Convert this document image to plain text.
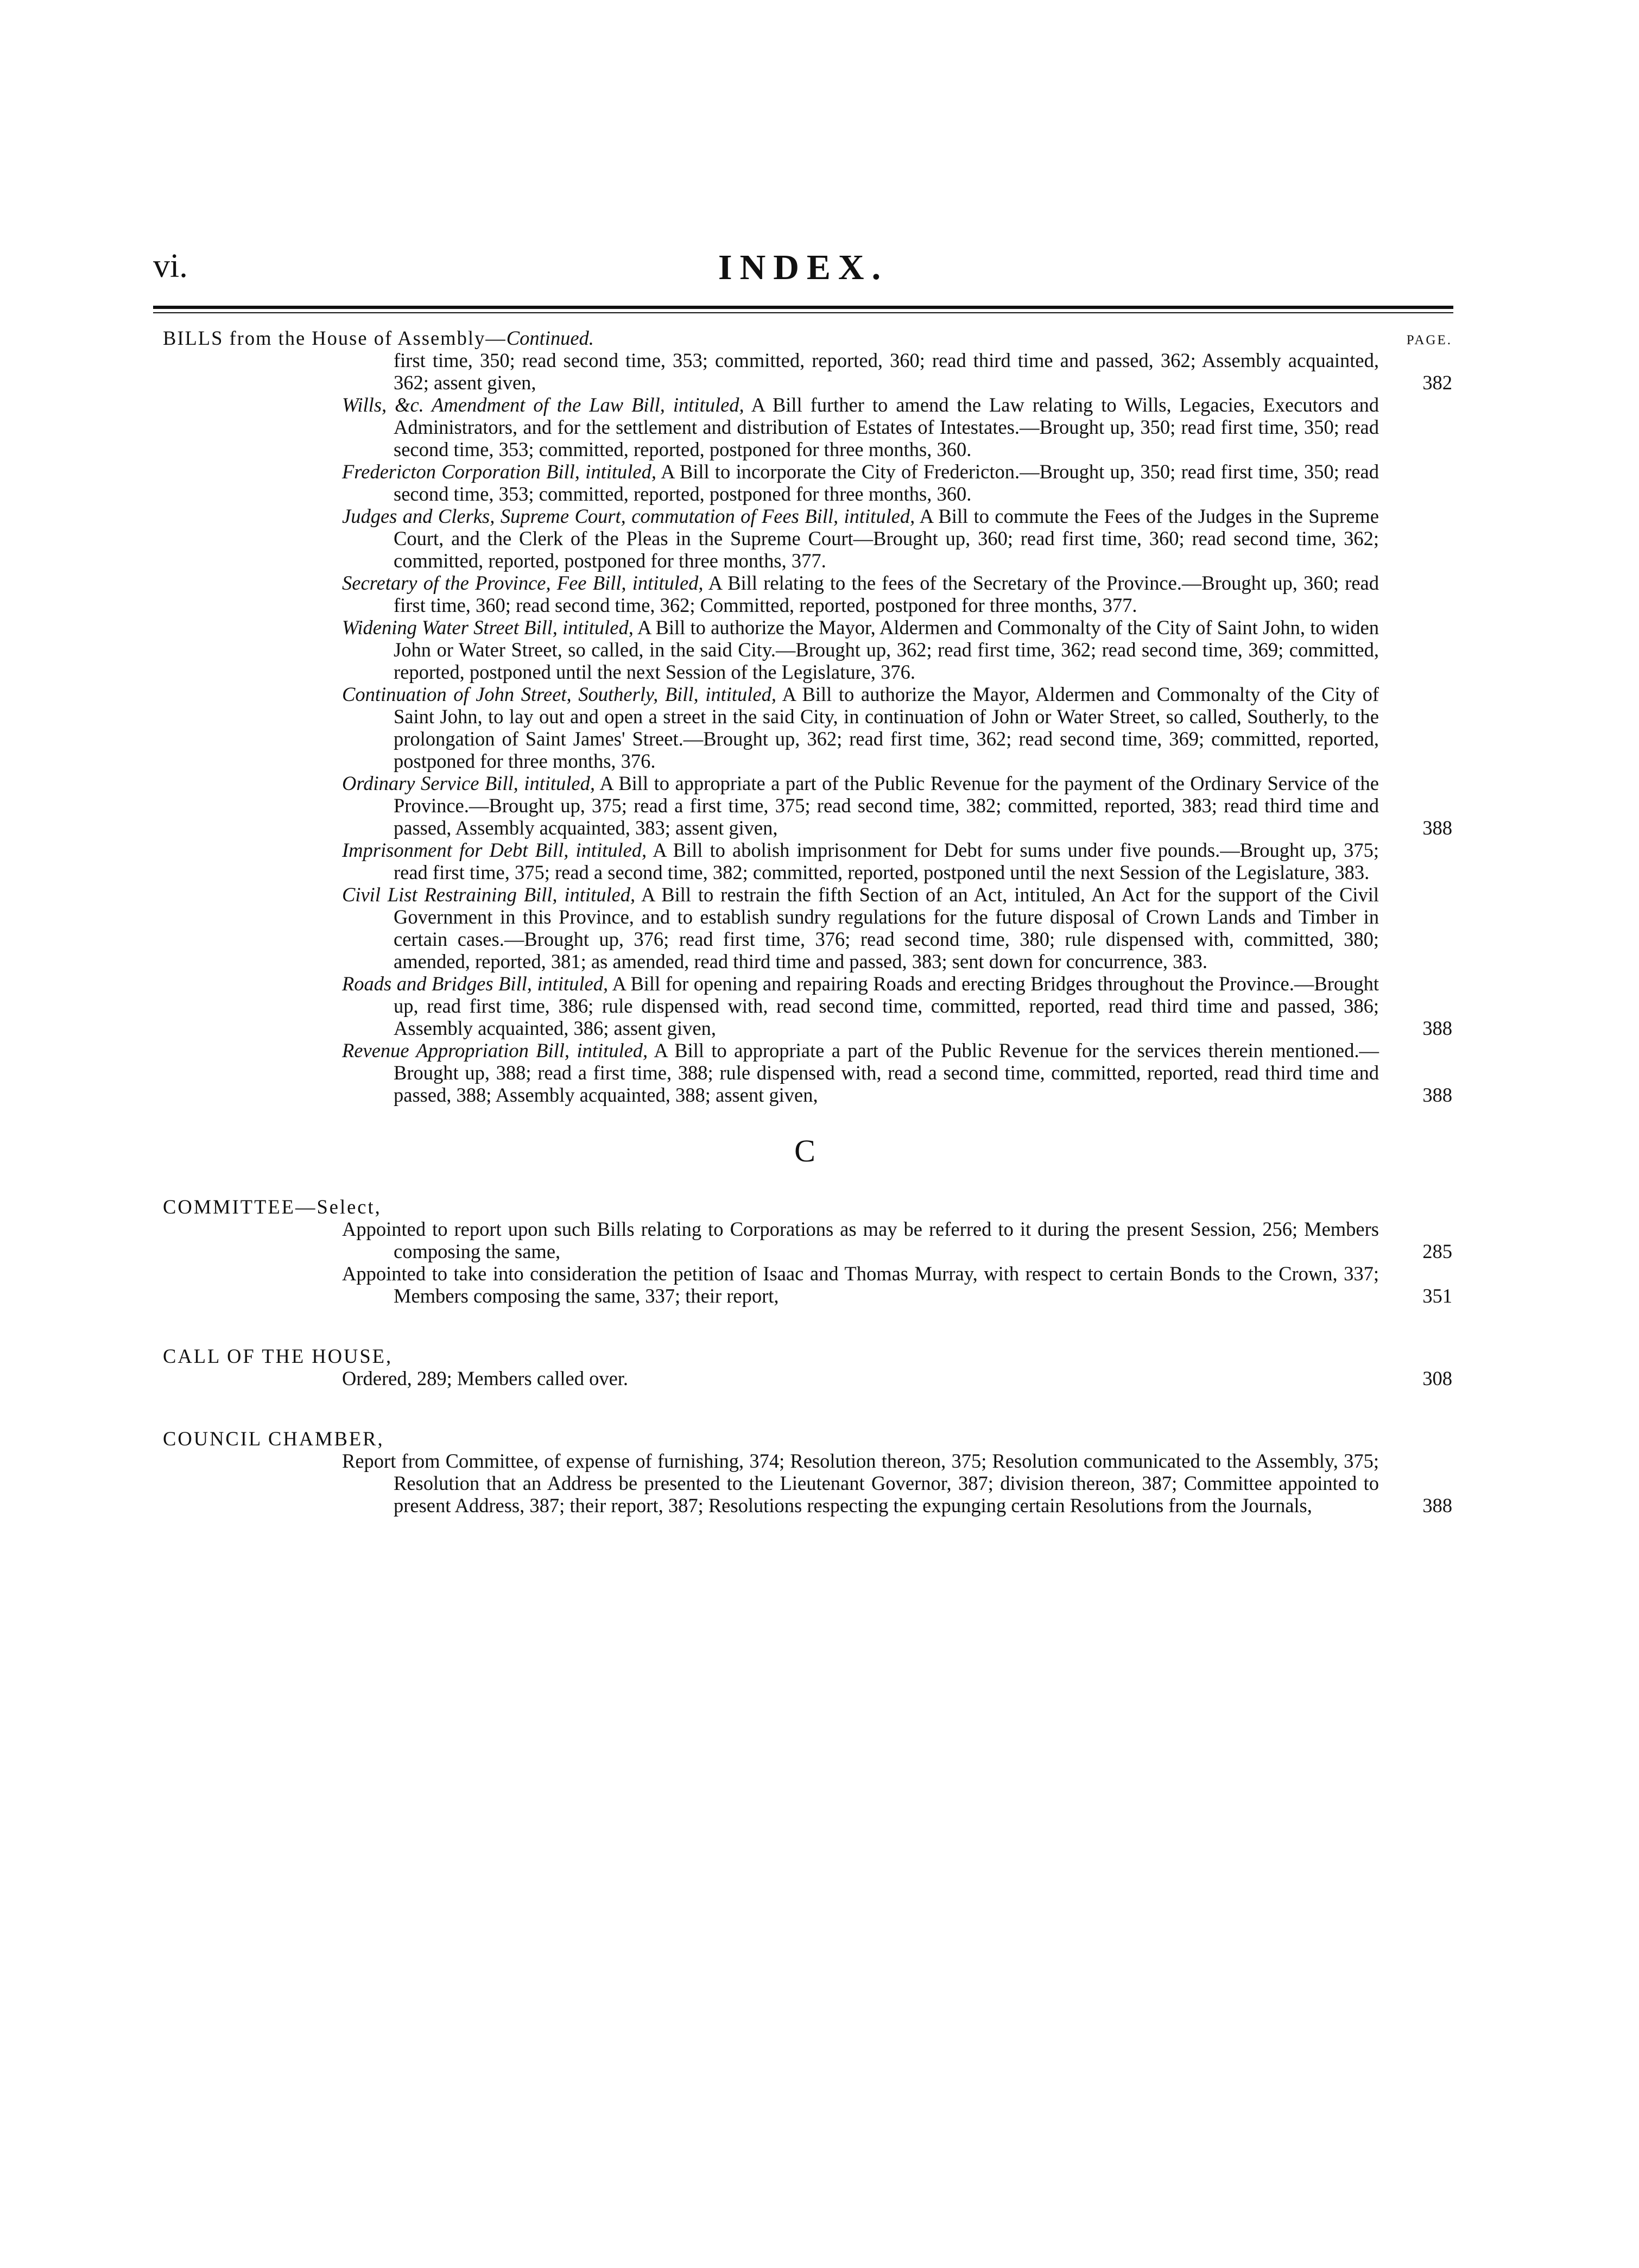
vi.	INDEX.
BILLS from the House of Assembly—Continued.	PAGE.
first time, 350; read second time, 353; committed, reported, 360; read third time and passed, 362; Assembly acquainted, 362; assent given,	382
Wills, &c. Amendment of the Law Bill, intituled, A Bill further to amend the Law relating to Wills, Legacies, Executors and Administrators, and for the settlement and distribution of Estates of Intestates.—Brought up, 350; read first time, 350; read second time, 353; committed, reported, postponed for three months, 360.
Fredericton Corporation Bill, intituled, A Bill to incorporate the City of Fredericton.—Brought up, 350; read first time, 350; read second time, 353; committed, reported, postponed for three months, 360.
Judges and Clerks, Supreme Court, commutation of Fees Bill, intituled, A Bill to commute the Fees of the Judges in the Supreme Court, and the Clerk of the Pleas in the Supreme Court—Brought up, 360; read first time, 360; read second time, 362; committed, reported, postponed for three months, 377.
Secretary of the Province, Fee Bill, intituled, A Bill relating to the fees of the Secretary of the Province.—Brought up, 360; read first time, 360; read second time, 362; Committed, reported, postponed for three months, 377.
Widening Water Street Bill, intituled, A Bill to authorize the Mayor, Aldermen and Commonalty of the City of Saint John, to widen John or Water Street, so called, in the said City.—Brought up, 362; read first time, 362; read second time, 369; committed, reported, postponed until the next Session of the Legislature, 376.
Continuation of John Street, Southerly, Bill, intituled, A Bill to authorize the Mayor, Aldermen and Commonalty of the City of Saint John, to lay out and open a street in the said City, in continuation of John or Water Street, so called, Southerly, to the prolongation of Saint James' Street.—Brought up, 362; read first time, 362; read second time, 369; committed, reported, postponed for three months, 376.
Ordinary Service Bill, intituled, A Bill to appropriate a part of the Public Revenue for the payment of the Ordinary Service of the Province.—Brought up, 375; read a first time, 375; read second time, 382; committed, reported, 383; read third time and passed, Assembly acquainted, 383; assent given,	388
Imprisonment for Debt Bill, intituled, A Bill to abolish imprisonment for Debt for sums under five pounds.—Brought up, 375; read first time, 375; read a second time, 382; committed, reported, postponed until the next Session of the Legislature, 383.
Civil List Restraining Bill, intituled, A Bill to restrain the fifth Section of an Act, intituled, An Act for the support of the Civil Government in this Province, and to establish sundry regulations for the future disposal of Crown Lands and Timber in certain cases.—Brought up, 376; read first time, 376; read second time, 380; rule dispensed with, committed, 380; amended, reported, 381; as amended, read third time and passed, 383; sent down for concurrence, 383.
Roads and Bridges Bill, intituled, A Bill for opening and repairing Roads and erecting Bridges throughout the Province.—Brought up, read first time, 386; rule dispensed with, read second time, committed, reported, read third time and passed, 386; Assembly acquainted, 386; assent given,	388
Revenue Appropriation Bill, intituled, A Bill to appropriate a part of the Public Revenue for the services therein mentioned.—Brought up, 388; read a first time, 388; rule dispensed with, read a second time, committed, reported, read third time and passed, 388; Assembly acquainted, 388; assent given,	388
C
COMMITTEE—Select,
Appointed to report upon such Bills relating to Corporations as may be referred to it during the present Session, 256; Members composing the same,	285
Appointed to take into consideration the petition of Isaac and Thomas Murray, with respect to certain Bonds to the Crown, 337; Members composing the same, 337; their report,	351
CALL OF THE HOUSE,
Ordered, 289; Members called over.	308
COUNCIL CHAMBER,
Report from Committee, of expense of furnishing, 374; Resolution thereon, 375; Resolution communicated to the Assembly, 375; Resolution that an Address be presented to the Lieutenant Governor, 387; division thereon, 387; Committee appointed to present Address, 387; their report, 387; Resolutions respecting the expunging certain Resolutions from the Journals,	388
